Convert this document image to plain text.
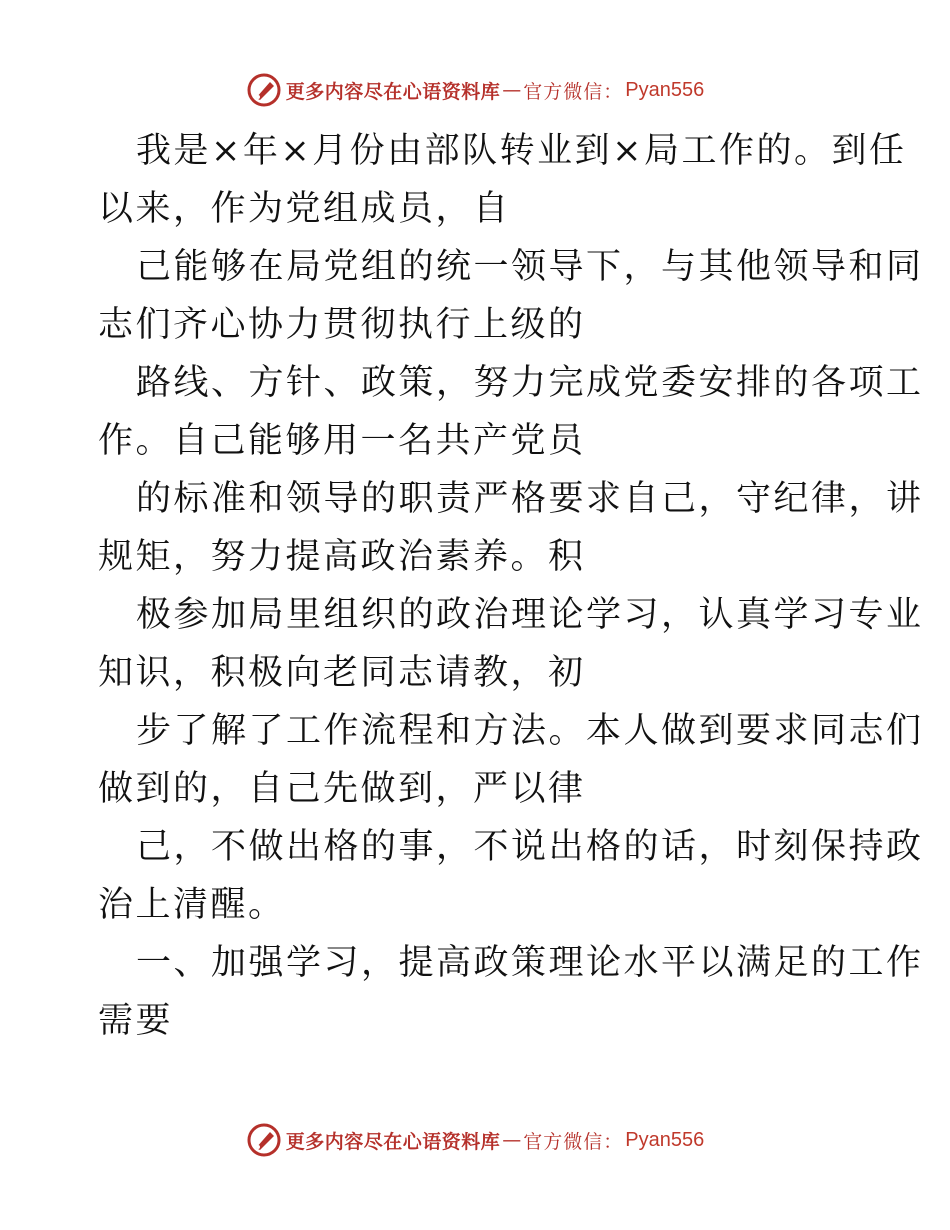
更多内容尽在心语资料库 — 官方微信： Pyan556

我是×年×月份由部队转业到×局工作的。到任
以来，作为党组成员，自

己能够在局党组的统一领导下，与其他领导和同
志们齐心协力贯彻执行上级的

路线、方针、政策，努力完成党委安排的各项工
作。自己能够用一名共产党员

的标准和领导的职责严格要求自己，守纪律，讲
规矩，努力提高政治素养。积

极参加局里组织的政治理论学习，认真学习专业
知识，积极向老同志请教，初

步了解了工作流程和方法。本人做到要求同志们
做到的，自己先做到，严以律

己，不做出格的事，不说出格的话，时刻保持政
治上清醒。

一、加强学习，提高政策理论水平以满足的工作
需要

更多内容尽在心语资料库 — 官方微信： Pyan556
